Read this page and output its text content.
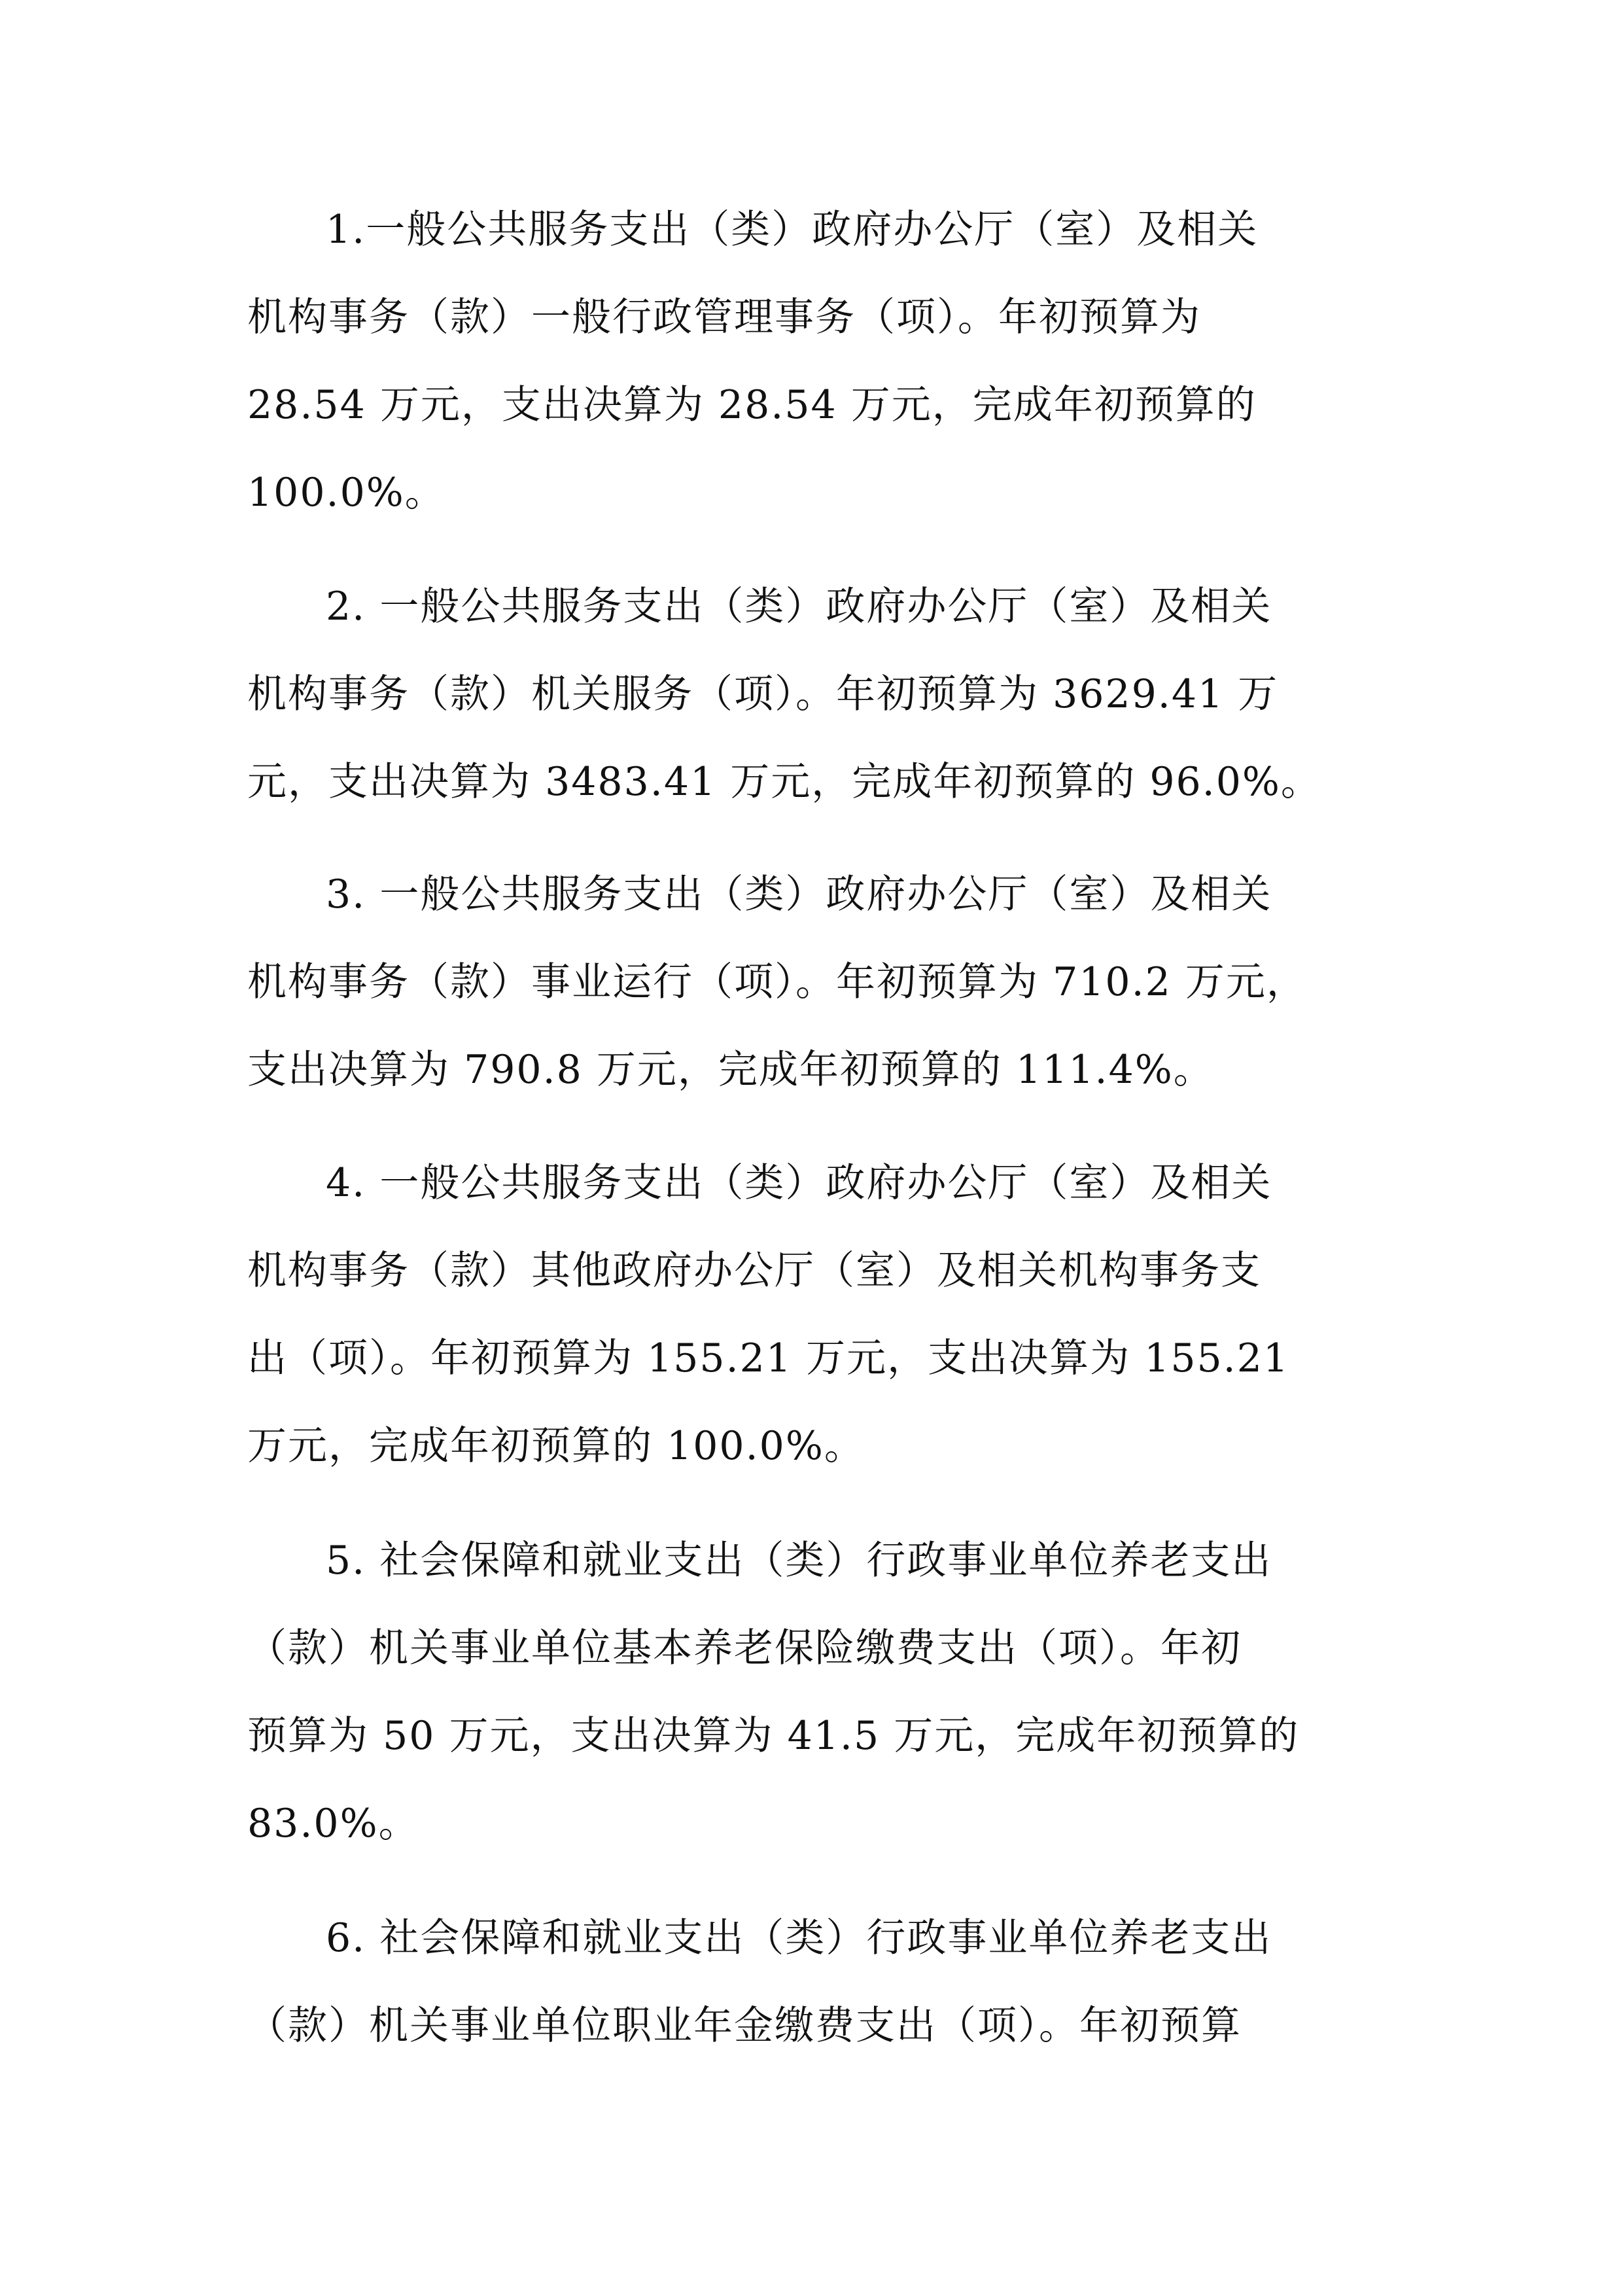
1.一般公共服务支出（类）政府办公厅（室）及相关
机构事务（款）一般行政管理事务（项）。年初预算为
28.54 万元，支出决算为 28.54 万元，完成年初预算的
100.0%。

2. 一般公共服务支出（类）政府办公厅（室）及相关
机构事务（款）机关服务（项）。年初预算为 3629.41 万
元，支出决算为 3483.41 万元，完成年初预算的 96.0%。

3. 一般公共服务支出（类）政府办公厅（室）及相关
机构事务（款）事业运行（项）。年初预算为 710.2 万元，
支出决算为 790.8 万元，完成年初预算的 111.4%。

4. 一般公共服务支出（类）政府办公厅（室）及相关
机构事务（款）其他政府办公厅（室）及相关机构事务支
出（项）。年初预算为 155.21 万元，支出决算为 155.21
万元，完成年初预算的 100.0%。

5. 社会保障和就业支出（类）行政事业单位养老支出
（款）机关事业单位基本养老保险缴费支出（项）。年初
预算为 50 万元，支出决算为 41.5 万元，完成年初预算的
83.0%。

6. 社会保障和就业支出（类）行政事业单位养老支出
（款）机关事业单位职业年金缴费支出（项）。年初预算
